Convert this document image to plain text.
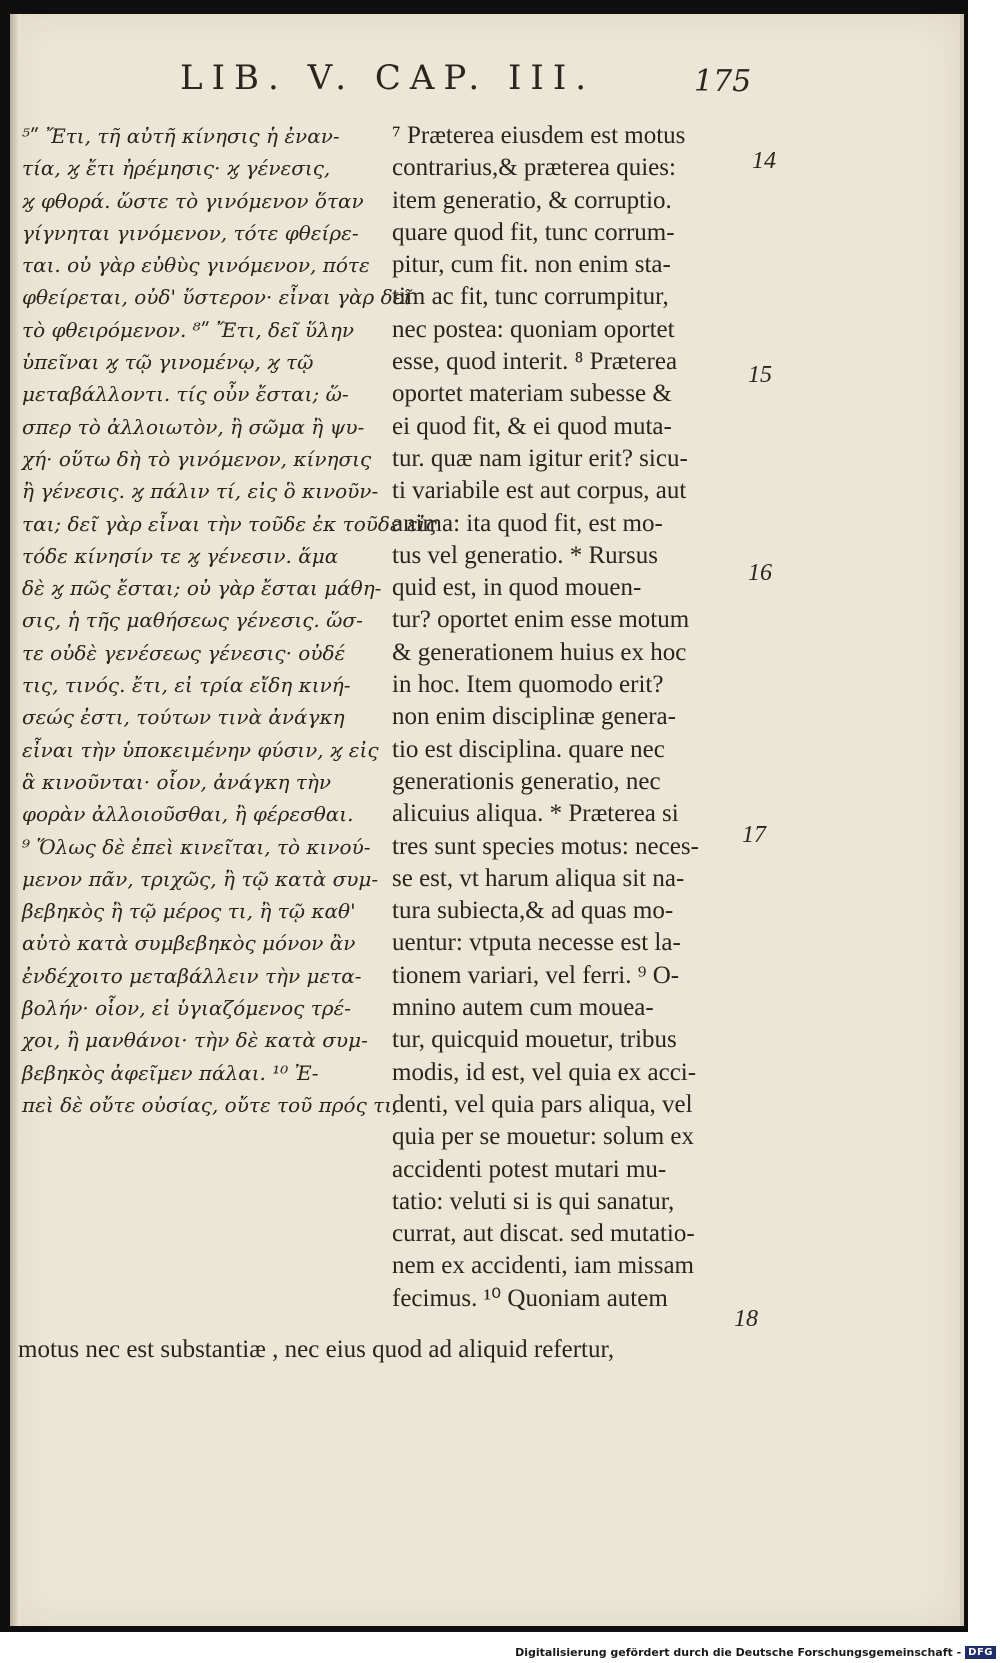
LIB. V. CAP. III.	175
⁵ʺ Ἔτι, τῆ αὐτῆ κίνησις ἡ ἐναν-
τία, ϗ ἔτι ἠρέμησις· ϗ γένεσις,
ϗ φθορά. ὥστε τὸ γινόμενον ὅταν
γίγνηται γινόμενον, τότε φθείρε-
ται. οὐ γὰρ εὐθὺς γινόμενον, πότε
φθείρεται, οὐδ' ὕστερον· εἶναι γὰρ δεῖ
τὸ φθειρόμενον. ⁸ʺ Ἔτι, δεῖ ὕλην
ὑπεῖναι ϗ τῷ γινομένῳ, ϗ τῷ
μεταβάλλοντι. τίς οὖν ἔσται; ὥ-
σπερ τὸ ἀλλοιωτὸν, ἢ σῶμα ἢ ψυ-
χή· οὕτω δὴ τὸ γινόμενον, κίνησις
ἢ γένεσις. ϗ πάλιν τί, εἰς ὃ κινοῦν-
ται; δεῖ γὰρ εἶναι τὴν τοῦδε ἐκ τοῦδε εἰς
τόδε κίνησίν τε ϗ γένεσιν. ἅμα
δὲ ϗ πῶς ἔσται; οὐ γὰρ ἔσται μάθη-
σις, ἡ τῆς μαθήσεως γένεσις. ὥσ-
τε οὐδὲ γενέσεως γένεσις· οὐδέ
τις, τινός. ἔτι, εἰ τρία εἴδη κινή-
σεώς ἐστι, τούτων τινὰ ἀνάγκη
εἶναι τὴν ὑποκειμένην φύσιν, ϗ εἰς
ἃ κινοῦνται· οἷον, ἀνάγκη τὴν
φορὰν ἀλλοιοῦσθαι, ἢ φέρεσθαι.
⁹ Ὅλως δὲ ἐπεὶ κινεῖται, τὸ κινού-
μενον πᾶν, τριχῶς, ἢ τῷ κατὰ συμ-
βεβηκὸς ἢ τῷ μέρος τι, ἢ τῷ καθ'
αὑτὸ κατὰ συμβεβηκὸς μόνον ἂν
ἐνδέχοιτο μεταβάλλειν τὴν μετα-
βολήν· οἷον, εἰ ὑγιαζόμενος τρέ-
χοι, ἢ μανθάνοι· τὴν δὲ κατὰ συμ-
βεβηκὸς ἀφεῖμεν πάλαι. ¹⁰ Ἐ-
πεὶ δὲ οὔτε οὐσίας, οὔτε τοῦ πρός τι,
⁷ Præterea eiusdem est motus
contrarius,& præterea quies:
item generatio, & corruptio.
quare quod fit, tunc corrum-
pitur, cum fit. non enim sta-
tim ac fit, tunc corrumpitur,
nec postea: quoniam oportet
esse, quod interit. ⁸ Præterea
oportet materiam subesse &
ei quod fit, & ei quod muta-
tur. quæ nam igitur erit? sicu-
ti variabile est aut corpus, aut
anima: ita quod fit, est mo-
tus vel generatio. * Rursus
quid est, in quod mouen-
tur? oportet enim esse motum
& generationem huius ex hoc
in hoc. Item quomodo erit?
non enim disciplinæ genera-
tio est disciplina. quare nec
generationis generatio, nec
alicuius aliqua. * Præterea si
tres sunt species motus: neces-
se est, vt harum aliqua sit na-
tura subiecta,& ad quas mo-
uentur: vtputa necesse est la-
tionem variari, vel ferri. ⁹ O-
mnino autem cum moueа-
tur, quicquid mouetur, tribus
modis, id est, vel quia ex acci-
denti, vel quia pars aliqua, vel
quia per se mouetur: solum ex
accidenti potest mutari mu-
tatio: veluti si is qui sanatur,
currat, aut discat. sed mutatio-
nem ex accidenti, iam missam
fecimus. ¹⁰ Quoniam autem
14
15
16
17
18
motus nec est substantiæ , nec eius quod ad aliquid refertur,
Digitalisierung gefördert durch die Deutsche Forschungsgemeinschaft - DFG
